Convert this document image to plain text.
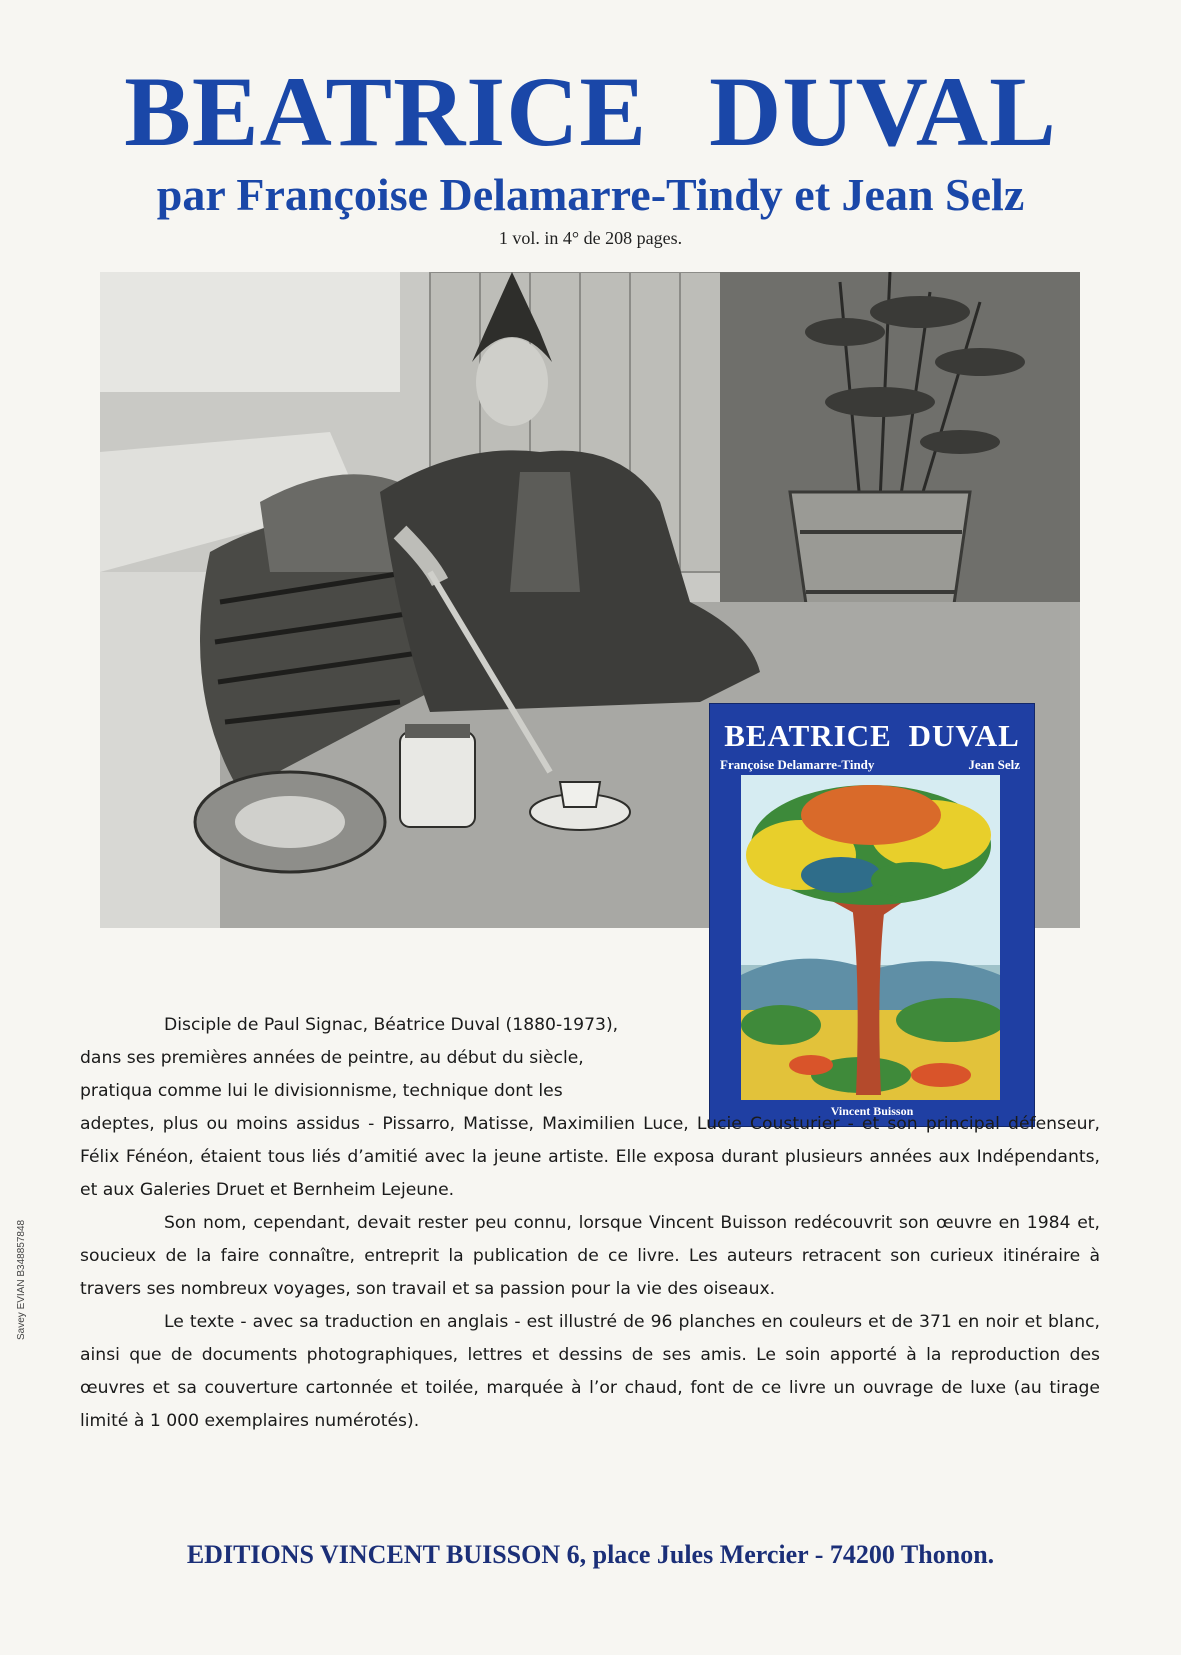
BEATRICE DUVAL
par Françoise Delamarre-Tindy et Jean Selz

1 vol. in 4° de 208 pages.

BEATRICE DUVAL
Françoise Delamarre-Tindy	Jean Selz

Vincent Buisson

Disciple de Paul Signac, Béatrice Duval (1880-1973),
dans ses premières années de peintre, au début du siècle,
pratiqua comme lui le divisionnisme, technique dont les

adeptes, plus ou moins assidus - Pissarro, Matisse, Maximilien Luce, Lucie Cousturier - et son principal défenseur, Félix Fénéon, étaient tous liés d’amitié avec la jeune artiste. Elle exposa durant plusieurs années aux Indépendants, et aux Galeries Druet et Bernheim Lejeune.

Son nom, cependant, devait rester peu connu, lorsque Vincent Buisson redécouvrit son œuvre en 1984 et, soucieux de la faire connaître, entreprit la publication de ce livre. Les auteurs retracent son curieux itinéraire à travers ses nombreux voyages, son travail et sa passion pour la vie des oiseaux.

Le texte - avec sa traduction en anglais - est illustré de 96 planches en couleurs et de 371 en noir et blanc, ainsi que de documents photographiques, lettres et dessins de ses amis. Le soin apporté à la reproduction des œuvres et sa couverture cartonnée et toilée, marquée à l’or chaud, font de ce livre un ouvrage de luxe (au tirage limité à 1 000 exemplaires numérotés).

EDITIONS VINCENT BUISSON 6, place Jules Mercier - 74200 Thonon.

Savey EVIAN B348857848
